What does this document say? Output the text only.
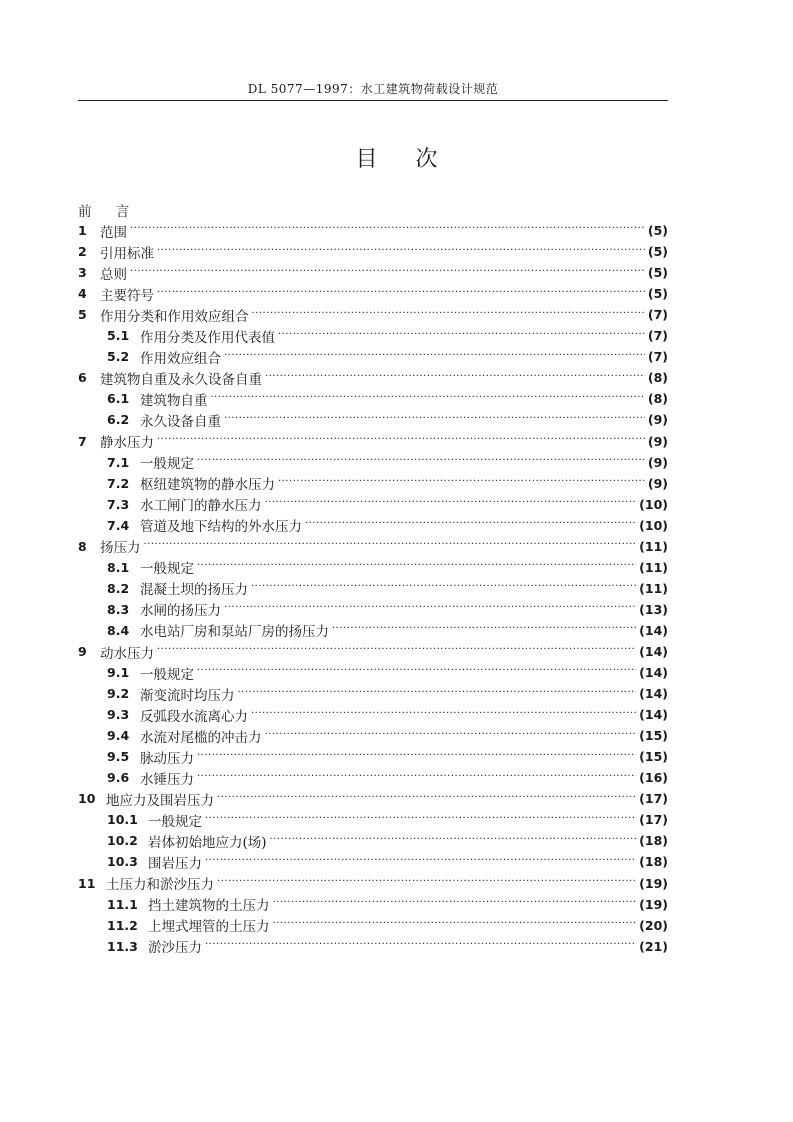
DL 5077—1997：水工建筑物荷载设计规范
目次
前 言
1 范围 ·····	(5)
2 引用标准 ·····	(5)
3 总则 ·····	(5)
4 主要符号 ·····	(5)
5 作用分类和作用效应组合 ·····	(7)
5.1 作用分类及作用代表值 ·····	(7)
5.2 作用效应组合 ·····	(7)
6 建筑物自重及永久设备自重 ·····	(8)
6.1 建筑物自重 ·····	(8)
6.2 永久设备自重 ·····	(9)
7 静水压力 ·····	(9)
7.1 一般规定 ·····	(9)
7.2 枢纽建筑物的静水压力 ·····	(9)
7.3 水工闸门的静水压力 ·····	(10)
7.4 管道及地下结构的外水压力 ·····	(10)
8 扬压力 ·····	(11)
8.1 一般规定 ·····	(11)
8.2 混凝土坝的扬压力 ·····	(11)
8.3 水闸的扬压力 ·····	(13)
8.4 水电站厂房和泵站厂房的扬压力 ·····	(14)
9 动水压力 ·····	(14)
9.1 一般规定 ·····	(14)
9.2 渐变流时均压力 ·····	(14)
9.3 反弧段水流离心力 ·····	(14)
9.4 水流对尾槛的冲击力 ·····	(15)
9.5 脉动压力 ·····	(15)
9.6 水锤压力 ·····	(16)
10 地应力及围岩压力 ·····	(17)
10.1 一般规定 ·····	(17)
10.2 岩体初始地应力(场) ·····	(18)
10.3 围岩压力 ·····	(18)
11 土压力和淤沙压力 ·····	(19)
11.1 挡土建筑物的土压力 ·····	(19)
11.2 上埋式埋管的土压力 ·····	(20)
11.3 淤沙压力 ·····	(21)
